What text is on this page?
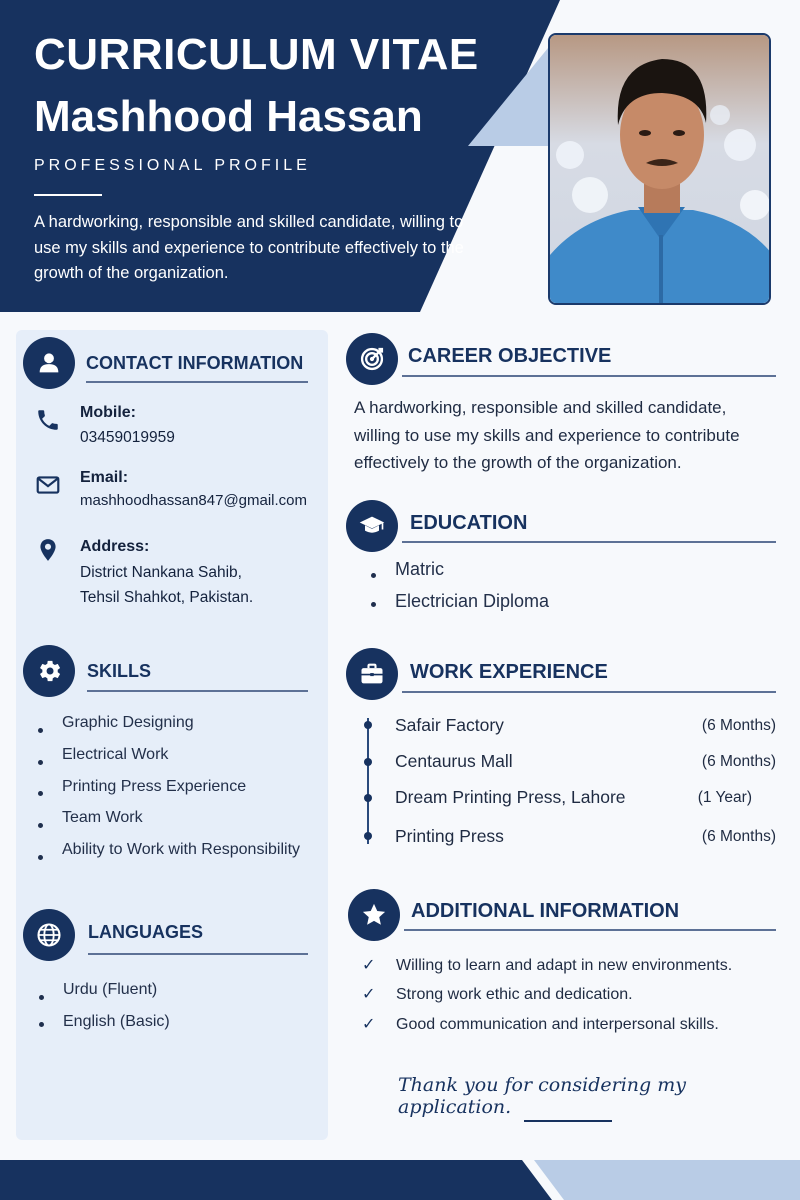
CURRICULUM VITAE
Mashhood Hassan
PROFESSIONAL PROFILE
A hardworking, responsible and skilled candidate, willing to use my skills and experience to contribute effectively to the growth of the organization.
CONTACT INFORMATION
Mobile:
03459019959
Email:
mashhoodhassan847@gmail.com
Address:
District Nankana Sahib,
Tehsil Shahkot, Pakistan.
SKILLS
Graphic Designing
Electrical Work
Printing Press Experience
Team Work
Ability to Work with Responsibility
LANGUAGES
Urdu (Fluent)
English (Basic)
CAREER OBJECTIVE
A hardworking, responsible and skilled candidate, willing to use my skills and experience to contribute effectively to the growth of the organization.
EDUCATION
Matric
Electrician Diploma
WORK EXPERIENCE
Safair Factory	(6 Months)
Centaurus Mall	(6 Months)
Dream Printing Press, Lahore	(1 Year)
Printing Press	(6 Months)
ADDITIONAL INFORMATION
✓ Willing to learn and adapt in new environments.
✓ Strong work ethic and dedication.
✓ Good communication and interpersonal skills.
Thank you for considering my application.
